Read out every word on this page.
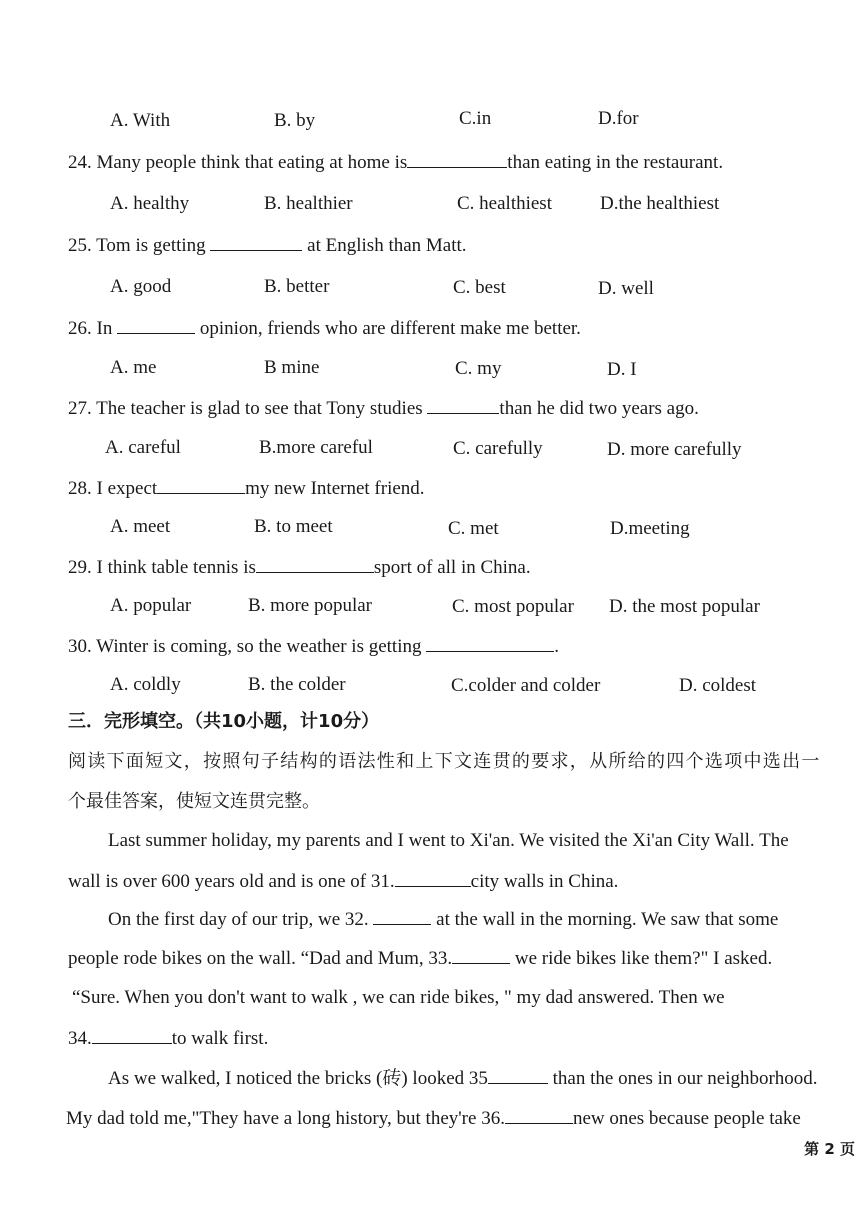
A. With	B. by	C.in	D.for
24. Many people think that eating at home is	than eating in the restaurant.
A. healthy	B. healthier	C. healthiest	D.the healthiest
25. Tom is getting	at English than Matt.
A. good	B. better	C. best	D. well
26. In	opinion, friends who are different make me better.
A. me	B mine	C. my	D. I
27. The teacher is glad to see that Tony studies	than he did two years ago.
A. careful	B.more careful	C. carefully	D. more carefully
28. I expect	my new Internet friend.
A. meet	B. to meet	C. met	D.meeting
29. I think table tennis is	sport of all in China.
A. popular	B. more popular	C. most popular D. the most popular
30. Winter is coming, so the weather is getting	.
A. coldly	B. the colder	C.colder and colder	D. coldest
三．完形填空。（共10小题，计10分）
阅读下面短文，按照句子结构的语法性和上下文连贯的要求，从所给的四个选项中选出一
个最佳答案，使短文连贯完整。
Last summer holiday, my parents and I went to Xi'an. We visited the Xi'an City Wall. The
wall is over 600 years old and is one of 31.	city walls in China.
On the first day of our trip, we 32.	at the wall in the morning. We saw that some
people rode bikes on the wall. “Dad and Mum, 33.	we ride bikes like them?" I asked.
“Sure. When you don't want to walk , we can ride bikes, " my dad answered. Then we
34.	to walk first.
As we walked, I noticed the bricks (砖) looked 35	than the ones in our neighborhood.
My dad told me,"They have a long history, but they're 36.	new ones because people take
第 2 页
